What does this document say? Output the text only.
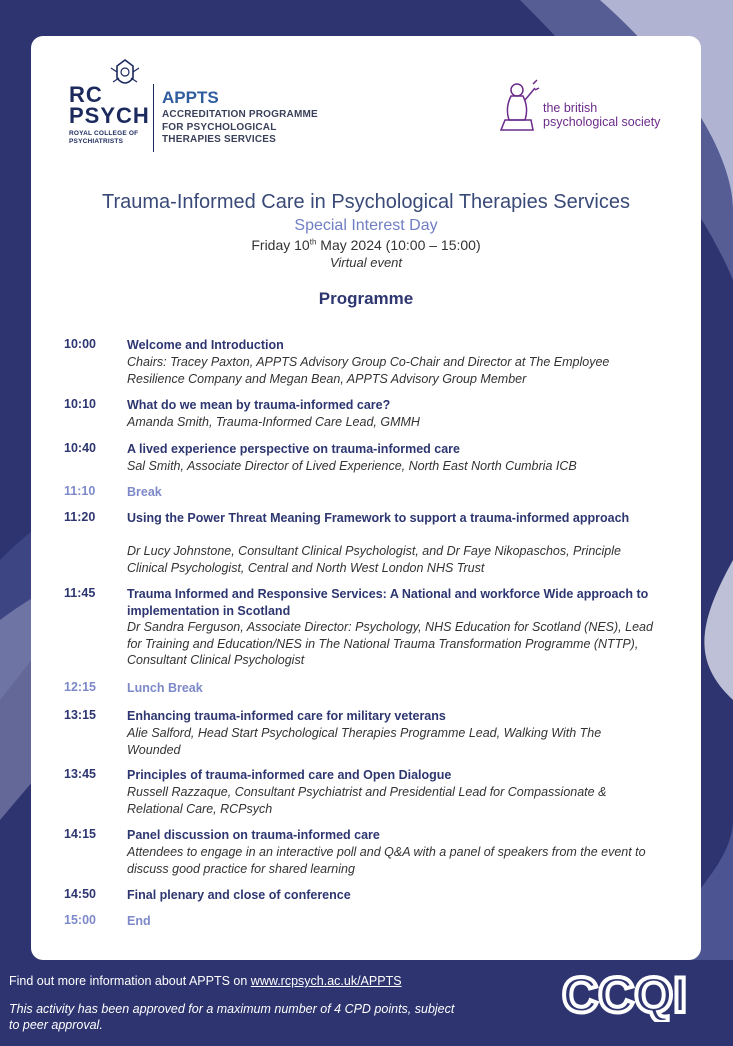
RC
PSYCH
ROYAL COLLEGE OF
PSYCHIATRISTS
APPTS
ACCREDITATION PROGRAMME
FOR PSYCHOLOGICAL
THERAPIES SERVICES
the british
psychological society
Trauma-Informed Care in Psychological Therapies Services
Special Interest Day
Friday 10th May 2024 (10:00 – 15:00)
Virtual event
Programme
10:00 Welcome and Introduction
Chairs: Tracey Paxton, APPTS Advisory Group Co-Chair and Director at The Employee Resilience Company and Megan Bean, APPTS Advisory Group Member
10:10 What do we mean by trauma-informed care?
Amanda Smith, Trauma-Informed Care Lead, GMMH
10:40 A lived experience perspective on trauma-informed care
Sal Smith, Associate Director of Lived Experience, North East North Cumbria ICB
11:10	Break
11:20	Using the Power Threat Meaning Framework to support a trauma-informed approach
Dr Lucy Johnstone, Consultant Clinical Psychologist, and Dr Faye Nikopaschos, Principle Clinical Psychologist, Central and North West London NHS Trust
11:45	Trauma Informed and Responsive Services: A National and workforce Wide approach to implementation in Scotland
Dr Sandra Ferguson, Associate Director: Psychology, NHS Education for Scotland (NES), Lead for Training and Education/NES in The National Trauma Transformation Programme (NTTP), Consultant Clinical Psychologist
12:15 Lunch Break
13:15 Enhancing trauma-informed care for military veterans
Alie Salford, Head Start Psychological Therapies Programme Lead, Walking With The Wounded
13:45 Principles of trauma-informed care and Open Dialogue
Russell Razzaque, Consultant Psychiatrist and Presidential Lead for Compassionate & Relational Care, RCPsych
14:15 Panel discussion on trauma-informed care
Attendees to engage in an interactive poll and Q&A with a panel of speakers from the event to discuss good practice for shared learning
14:50 Final plenary and close of conference
15:00 End
Find out more information about APPTS on www.rcpsych.ac.uk/APPTS
This activity has been approved for a maximum number of 4 CPD points, subject
to peer approval.
CCQI
